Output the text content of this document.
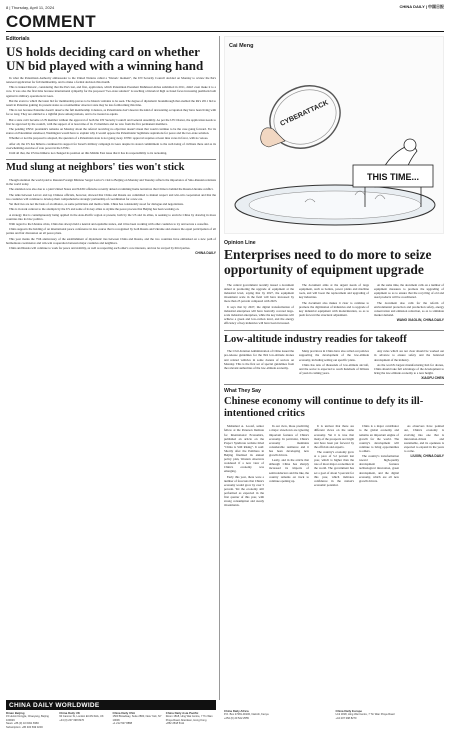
8 | Thursday, April 11, 2024	CHINA DAILY | 中国日报
COMMENT
Editorials
US holds deciding card on whether UN bid played with a winning hand

In what the Palestinian Authority ambassador to the United Nations called a "historic moment", the UN Security Council decided on Monday to review the PA's renewed application for full membership, and to make a formal decision this month.

This is indeed historic, considering that the PA's last, and first, application, which Palestinian President Mahmoud Abbas submitted in 2011, didn't even make it to a vote. It was also the first time because international sympathy for the proposed "two-state solution" is reaching a historical high as Israel faces increasing pushback both against its military operations in Gaza.

But the event to which the latest bid for membership proves to be historic remains to be seen. The degree of diplomatic breakthrough that enabled the PA's 2011 bid to result in Palestine gaining its present status as a nonmember observer state may be less forthcoming this time.

This is not because Palestine doesn't deserve the full membership it desires, as Palestinians don't deserve the kind of devastating occupation they have been living with for so long. They are entitled to a rightful place among nations, and to be treated as equals.

But a state can't become a UN member without the approval of both the UN Security Council and General Assembly. As per the UN Charter, the application needs to first be approved by the council, with the support of at least nine of its 15 members and no veto from the five permanent members.

The pending UNSC president's remarks on Monday about the referral receiving no objection doesn't mean that would continue to be the case going forward. For its stance on Palestinian statehood, Washington would have to explain why it would oppose the Palestinians' legitimate aspirations for peace and the two-state solution.

Whether or not the proposal is adopted, the question of a Palestinian state is not going away. UNSC approval requires at least nine votes in favor, with no vetoes.

After all, the US has hitherto continued its support for Israel's military campaign in Gaza despite its stated commitment to the well-being of civilians there and as its overwhelming exercise of veto power in the UNSC.

Until all that, the US has hitherto not changed its position on this Middle East issue that it has its responsibility to its reckoning.

Mud slung at neighbors' ties won't stick

Though attention the world paid to Russian Foreign Minister Sergei Lavrov's visit to Beijing on Monday and Tuesday reflects the importance of Sino-Russian relations in the world today.

The attention was also due to a joint United States and NATO offensive recently aimed at ramming home narratives that China is behind the Russia-Ukraine conflict.

The talks between Lavrov and top Chinese officials, however, showed that China and Russia are committed to mutual respect and win-win cooperation and that the two countries will continue to develop their comprehensive strategic partnership of coordination for a new era.

Yet their ties are not the basis of an alliance, as some politicians and media claim. China has consistently stood for dialogue and negotiations.

This is in stark contrast to the attempts by the US and some of its key allies to stymie the peace process that Beijing has been working on.

A strategy that is contemptuously being applied in the Asia-Pacific region at present, both by the US and its allies, is seeking to encircle China by drawing in more countries into its bloc politics.

With regard to the Ukraine crisis, China has always held a neutral and equitable stance, and it has been working with other countries to try and secure a ceasefire.

China supports the holding of an international peace conference in due course that is recognized by both Russia and Ukraine and ensures the equal participation of all parties and fair discussion on all peace plans.

This year marks the 75th anniversary of the establishment of diplomatic ties between China and Russia, and the two countries have embarked on a new path of harmonious coexistence and win-win cooperation between major countries and neighbors.

China and Russia will continue to work for peace and stability, as well as respecting each other's core interests, and not be swayed by third parties.

CHINA DAILY
Cai Meng
THIS TIME...
CYBERATTACK
Opinion Line
Enterprises need to do more to seize opportunity of equipment upgrade

The central government recently issued a document aimed at promoting the upgrade of equipment at the industrial level, saying that by 2027, the equipment investment scale in the field will have increased by more than 25 percent compared with 2023.

It says that by 2027, the digital transformation of industrial enterprises will have basically covered large-scale industrial enterprises, while the key industries will achieve a green and low-carbon level, and the energy efficiency of key industries will have been increased.

The document aims at the urgent needs of large equipment, such as boilers, power plants and machine tools, and will boost the replacement and upgrading of key industries.

The document also makes it clear to continue to promote the digitization of industries and to upgrade of key industrial equipment with modernization, so as to push forward the structural adjustment.

At the same time, the document calls on a number of equipment measures to promote the upgrading of equipment so as to ensure that the recycling of old and used products will be coordinated.

The document also calls for the reform of environmental protection and production safety, energy conservation and emission reduction, so as to stimulate market demand.

WANG XIAOLIN, CHINA DAILY
Low-altitude industry readies for takeoff

The Civil Aviation Administration of China issued the pre-release guidelines for the 824 low-altitude drones and related vehicles in some dozens of sectors on Monday. This is the first set of special guidelines from the relevant authorities of the low-altitude economy.

Many provinces in China have also rolled out policies supporting the development of the low-altitude economy, including setting out specific plans.

China has tens of thousands of low-altitude aircraft, and the sector is expected to reach hundreds of billions of yuan in coming years.

Any rules which are not clear should be worked out in advance to ensure safety and the balanced development of the industry.

As the world's largest manufacturing hub for drones, China should take full advantage of the development to bring the low-altitude economy to a new height.

XIAOFU CHEN
What They Say
Chinese economy will continue to defy its ill-intentioned critics

Mohamed A. Lootaf, senior fellow at the Peterson Institute for International Economics, published an article on the Project Syndicate website titled "China is Still Rising". It said: Shortly after the Politburo in Beijing finalized its annual policy plan, Western observers wondered if a new view of China's economy was emerging.

Early this year, there were a number of forecasts that China's economy would grow by over 5 percent. Yet the economy still performed as expected in the first quarter of this year, with strong consumption and steady investments.

In our view, those predicting a major slowdown are ignoring important features of China's economy. In particular, China's economy maintains considerable resilience and it has been developing new growth drivers.

Lastly, and in the article that although China has sharply increased its imports of semiconductors and the like, the country remains on track to continue opening up.

It is unclear that there are different views on the same economy. Yet it is true that many of the prospects are bright and have been put forward by the officials and experts.

The country's economy grew at a pace of 5.2 percent last year, which is higher than the rate of most major economies in the world. The government has set a goal of about 5 percent for this year, which indicates confidence in the nation's economic potential.

China is a major contributor to the global economy and remains an important engine of growth for the world. The country's development will continue to bring opportunities to others.

The country's transformation toward high-quality development features technological innovation, green development, and the digital economy, which are all new growth drivers.

As observers have pointed out, China's economy is evolving into one that is innovation-driven and sustainable, and its openness is expected to expand in the years to come.

LIUXIN, CHINA DAILY
CHINA DAILY WORLDWIDE
Dinan Beijing
15 Huixin Dongjie, Chaoyang, Beijing 100029
News: +86 (0) 10 6491 8366
Subscription: +86 400 699 0203
China Daily UK
90 Cannon St, London EC4N 6HA, UK
+44 (0) 207 398 8270
China Daily USA
1500 Broadway, Suite 2800, New York, NY 10036
+1 212 537 8888
China Daily Asia Pacific
Room 1818, Hing Wai Centre, 7 Tin Wan Praya Road, Aberdeen, Hong Kong
+852 2518 5111
China Daily Africa
P.O. Box 27281-00100, Nairobi, Kenya
+254 (0) 20 522 2555
China Daily Europe
Unit 1818, Hing Wai Centre, 7 Tin Wan Praya Road
+44 207 398 8270
